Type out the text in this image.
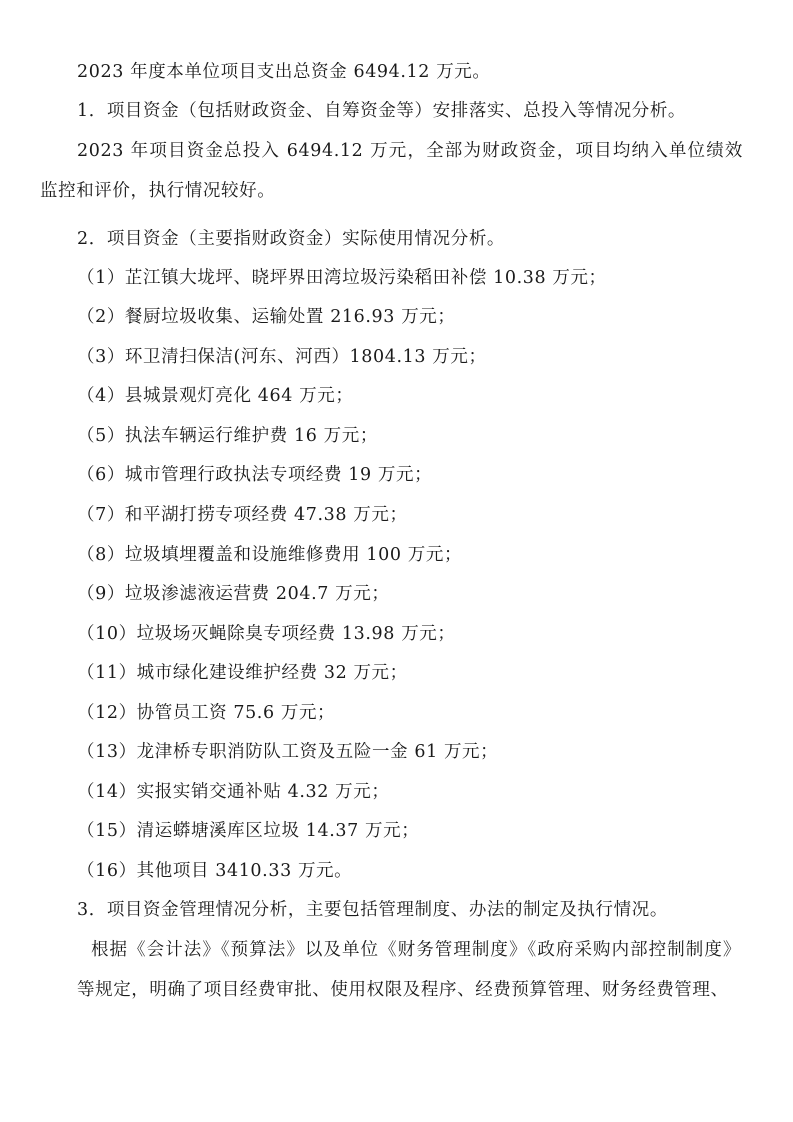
2023 年度本单位项目支出总资金 6494.12 万元。
1．项目资金（包括财政资金、自筹资金等）安排落实、总投入等情况分析。
2023 年项目资金总投入 6494.12 万元，全部为财政资金，项目均纳入单位绩效监控和评价，执行情况较好。
2．项目资金（主要指财政资金）实际使用情况分析。
（1）芷江镇大垅坪、晓坪界田湾垃圾污染稻田补偿 10.38 万元；
（2）餐厨垃圾收集、运输处置 216.93 万元；
（3）环卫清扫保洁(河东、河西）1804.13 万元；
（4）县城景观灯亮化 464 万元；
（5）执法车辆运行维护费 16 万元；
（6）城市管理行政执法专项经费 19 万元；
（7）和平湖打捞专项经费 47.38 万元；
（8）垃圾填埋覆盖和设施维修费用 100 万元；
（9）垃圾渗滤液运营费 204.7 万元；
（10）垃圾场灭蝇除臭专项经费 13.98 万元；
（11）城市绿化建设维护经费 32 万元；
（12）协管员工资 75.6 万元；
（13）龙津桥专职消防队工资及五险一金 61 万元；
（14）实报实销交通补贴 4.32 万元；
（15）清运蟒塘溪库区垃圾 14.37 万元；
（16）其他项目 3410.33 万元。
3．项目资金管理情况分析，主要包括管理制度、办法的制定及执行情况。
根据《会计法》《预算法》以及单位《财务管理制度》《政府采购内部控制制度》等规定，明确了项目经费审批、使用权限及程序、经费预算管理、财务经费管理、
